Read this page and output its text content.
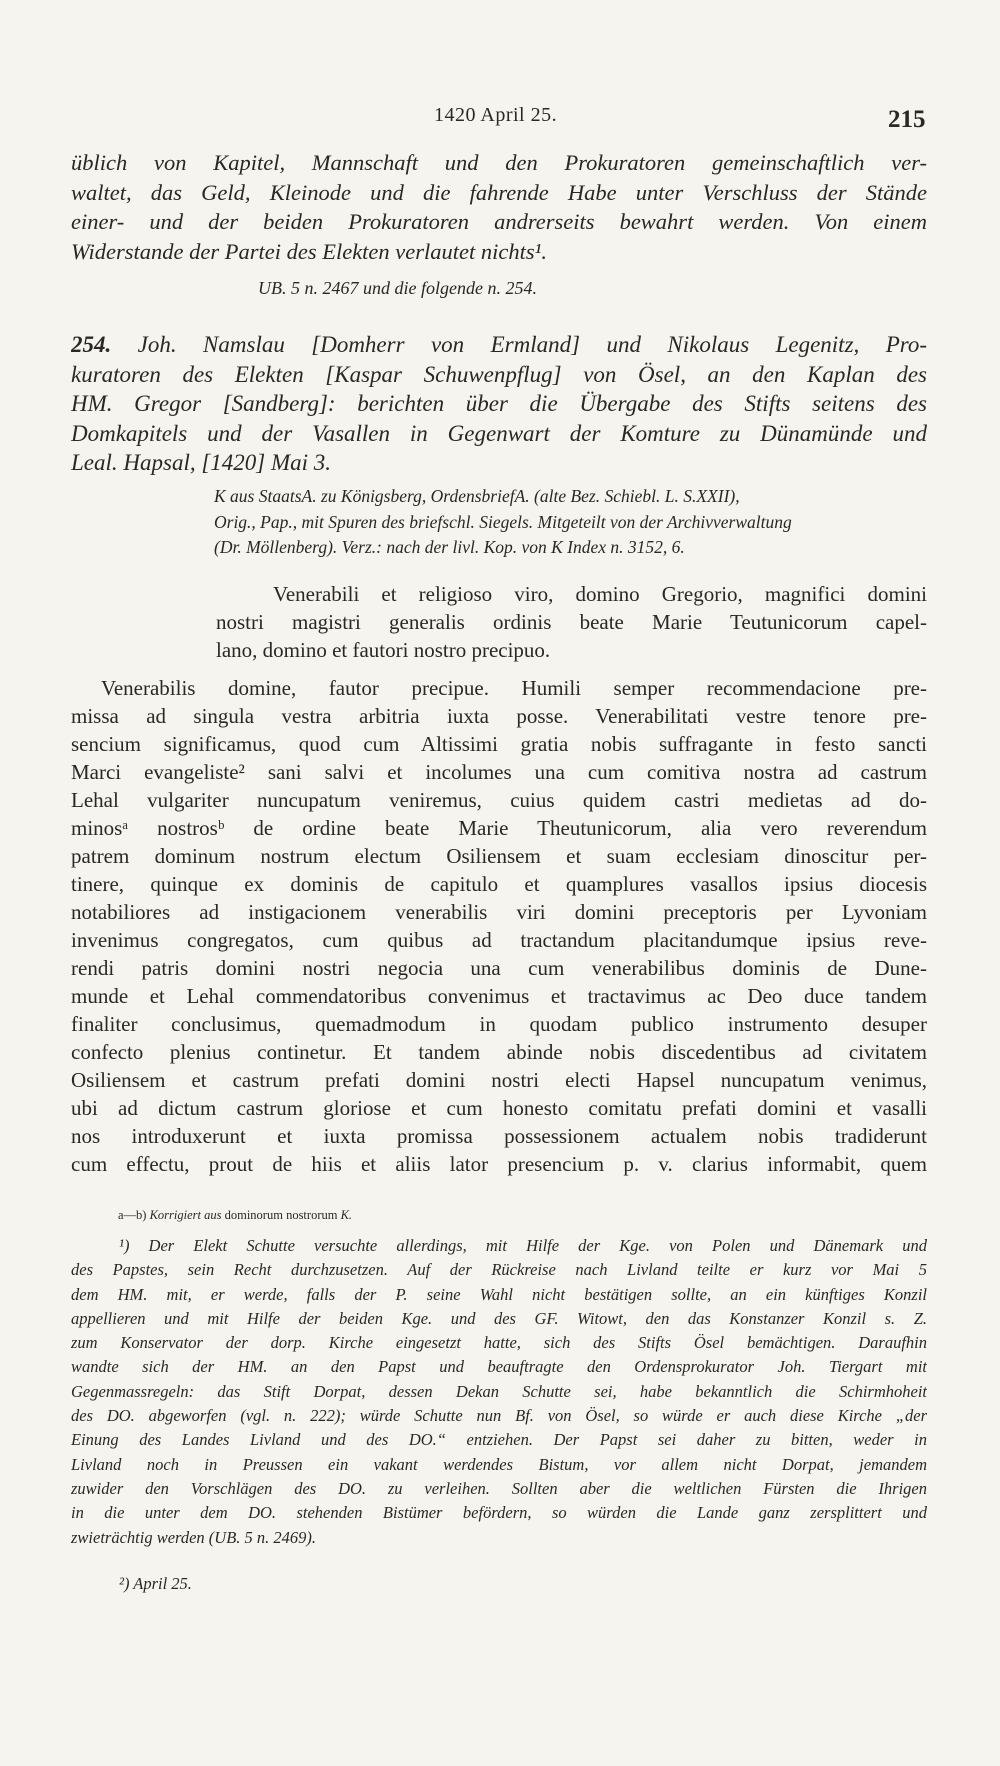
1420 April 25.	215
üblich von Kapitel, Mannschaft und den Prokuratoren gemeinschaftlich ver-
waltet, das Geld, Kleinode und die fahrende Habe unter Verschluss der Stände
einer- und der beiden Prokuratoren andrerseits bewahrt werden. Von einem
Widerstande der Partei des Elekten verlautet nichts¹.
UB. 5 n. 2467 und die folgende n. 254.
254. Joh. Namslau [Domherr von Ermland] und Nikolaus Legenitz, Pro-
kuratoren des Elekten [Kaspar Schuwenpflug] von Ösel, an den Kaplan des
HM. Gregor [Sandberg]: berichten über die Übergabe des Stifts seitens des
Domkapitels und der Vasallen in Gegenwart der Komture zu Dünamünde und
Leal. Hapsal, [1420] Mai 3.
K aus StaatsA. zu Königsberg, OrdensbriefA. (alte Bez. Schiebl. L. S.XXII),
Orig., Pap., mit Spuren des briefschl. Siegels. Mitgeteilt von der Archivverwaltung
(Dr. Möllenberg). Verz.: nach der livl. Kop. von K Index n. 3152, 6.
Venerabili et religioso viro, domino Gregorio, magnifici domini
nostri magistri generalis ordinis beate Marie Teutunicorum capel-
lano, domino et fautori nostro precipuo.
Venerabilis domine, fautor precipue. Humili semper recommendacione pre-
missa ad singula vestra arbitria iuxta posse. Venerabilitati vestre tenore pre-
sencium significamus, quod cum Altissimi gratia nobis suffragante in festo sancti
Marci evangeliste² sani salvi et incolumes una cum comitiva nostra ad castrum
Lehal vulgariter nuncupatum veniremus, cuius quidem castri medietas ad do-
minosᵃ nostrosᵇ de ordine beate Marie Theutunicorum, alia vero reverendum
patrem dominum nostrum electum Osiliensem et suam ecclesiam dinoscitur per-
tinere, quinque ex dominis de capitulo et quamplures vasallos ipsius diocesis
notabiliores ad instigacionem venerabilis viri domini preceptoris per Lyvoniam
invenimus congregatos, cum quibus ad tractandum placitandumque ipsius reve-
rendi patris domini nostri negocia una cum venerabilibus dominis de Dune-
munde et Lehal commendatoribus convenimus et tractavimus ac Deo duce tandem
finaliter conclusimus, quemadmodum in quodam publico instrumento desuper
confecto plenius continetur. Et tandem abinde nobis discedentibus ad civitatem
Osiliensem et castrum prefati domini nostri electi Hapsel nuncupatum venimus,
ubi ad dictum castrum gloriose et cum honesto comitatu prefati domini et vasalli
nos introduxerunt et iuxta promissa possessionem actualem nobis tradiderunt
cum effectu, prout de hiis et aliis lator presencium p. v. clarius informabit, quem
a—b) Korrigiert aus dominorum nostrorum K.
¹) Der Elekt Schutte versuchte allerdings, mit Hilfe der Kge. von Polen und Dänemark und
des Papstes, sein Recht durchzusetzen. Auf der Rückreise nach Livland teilte er kurz vor Mai 5
dem HM. mit, er werde, falls der P. seine Wahl nicht bestätigen sollte, an ein künftiges Konzil
appellieren und mit Hilfe der beiden Kge. und des GF. Witowt, den das Konstanzer Konzil s. Z.
zum Konservator der dorp. Kirche eingesetzt hatte, sich des Stifts Ösel bemächtigen. Daraufhin
wandte sich der HM. an den Papst und beauftragte den Ordensprokurator Joh. Tiergart mit
Gegenmassregeln: das Stift Dorpat, dessen Dekan Schutte sei, habe bekanntlich die Schirmhoheit
des DO. abgeworfen (vgl. n. 222); würde Schutte nun Bf. von Ösel, so würde er auch diese Kirche „der
Einung des Landes Livland und des DO.“ entziehen. Der Papst sei daher zu bitten, weder in
Livland noch in Preussen ein vakant werdendes Bistum, vor allem nicht Dorpat, jemandem
zuwider den Vorschlägen des DO. zu verleihen. Sollten aber die weltlichen Fürsten die Ihrigen
in die unter dem DO. stehenden Bistümer befördern, so würden die Lande ganz zersplittert und
zwieträchtig werden (UB. 5 n. 2469).
²) April 25.
